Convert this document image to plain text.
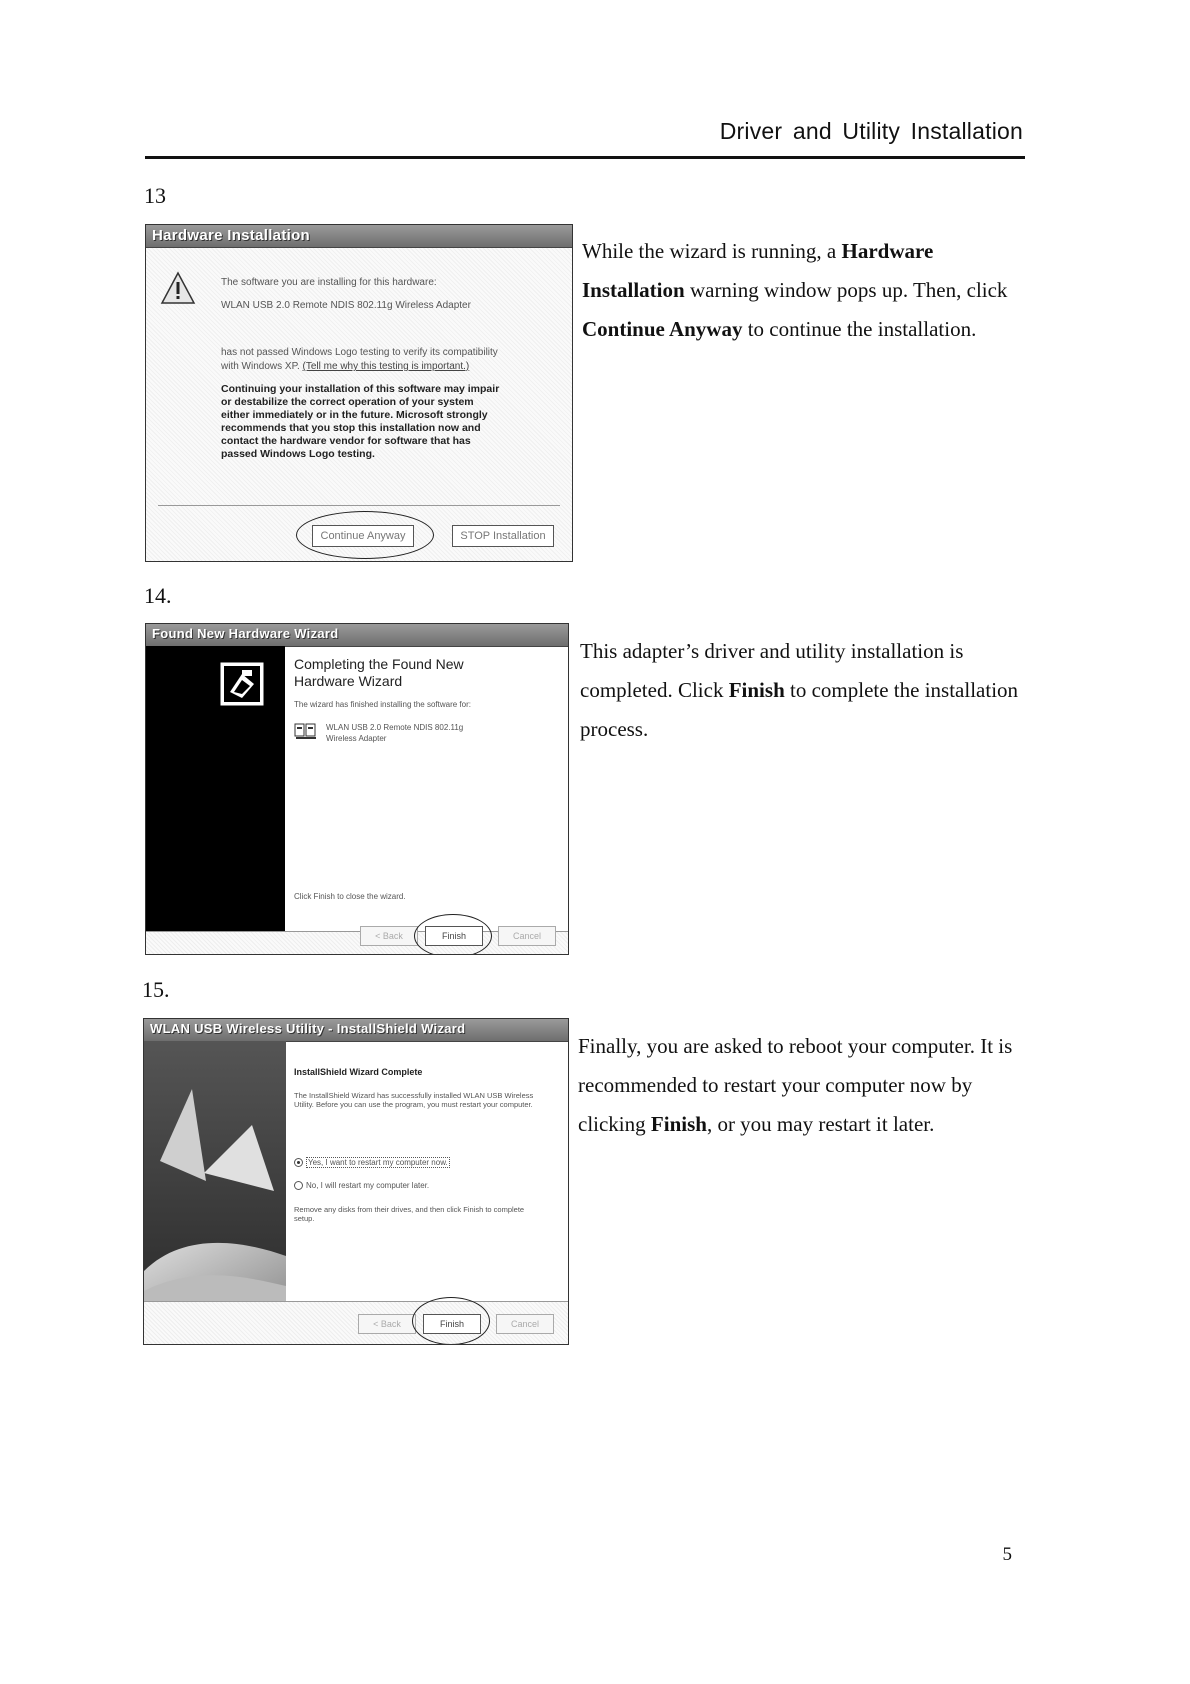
Driver and Utility Installation
13
Hardware Installation
The software you are installing for this hardware:
WLAN USB 2.0 Remote NDIS 802.11g Wireless Adapter
has not passed Windows Logo testing to verify its compatibility
with Windows XP. (Tell me why this testing is important.)
Continuing your installation of this software may impair
or destabilize the correct operation of your system
either immediately or in the future. Microsoft strongly
recommends that you stop this installation now and
contact the hardware vendor for software that has
passed Windows Logo testing.
Continue Anyway	STOP Installation
While the wizard is running, a Hardware Installation warning window pops up. Then, click Continue Anyway to continue the installation.
14.
Found New Hardware Wizard
Completing the Found New Hardware Wizard
The wizard has finished installing the software for:
WLAN USB 2.0 Remote NDIS 802.11g Wireless Adapter
Click Finish to close the wizard.
< Back	Finish	Cancel
This adapter’s driver and utility installation is completed. Click Finish to complete the installation process.
15.
WLAN USB Wireless Utility - InstallShield Wizard
InstallShield Wizard Complete
The InstallShield Wizard has successfully installed WLAN USB Wireless Utility. Before you can use the program, you must restart your computer.
Yes, I want to restart my computer now.
No, I will restart my computer later.
Remove any disks from their drives, and then click Finish to complete setup.
< Back	Finish	Cancel
Finally, you are asked to reboot your computer. It is recommended to restart your computer now by clicking Finish, or you may restart it later.
5
